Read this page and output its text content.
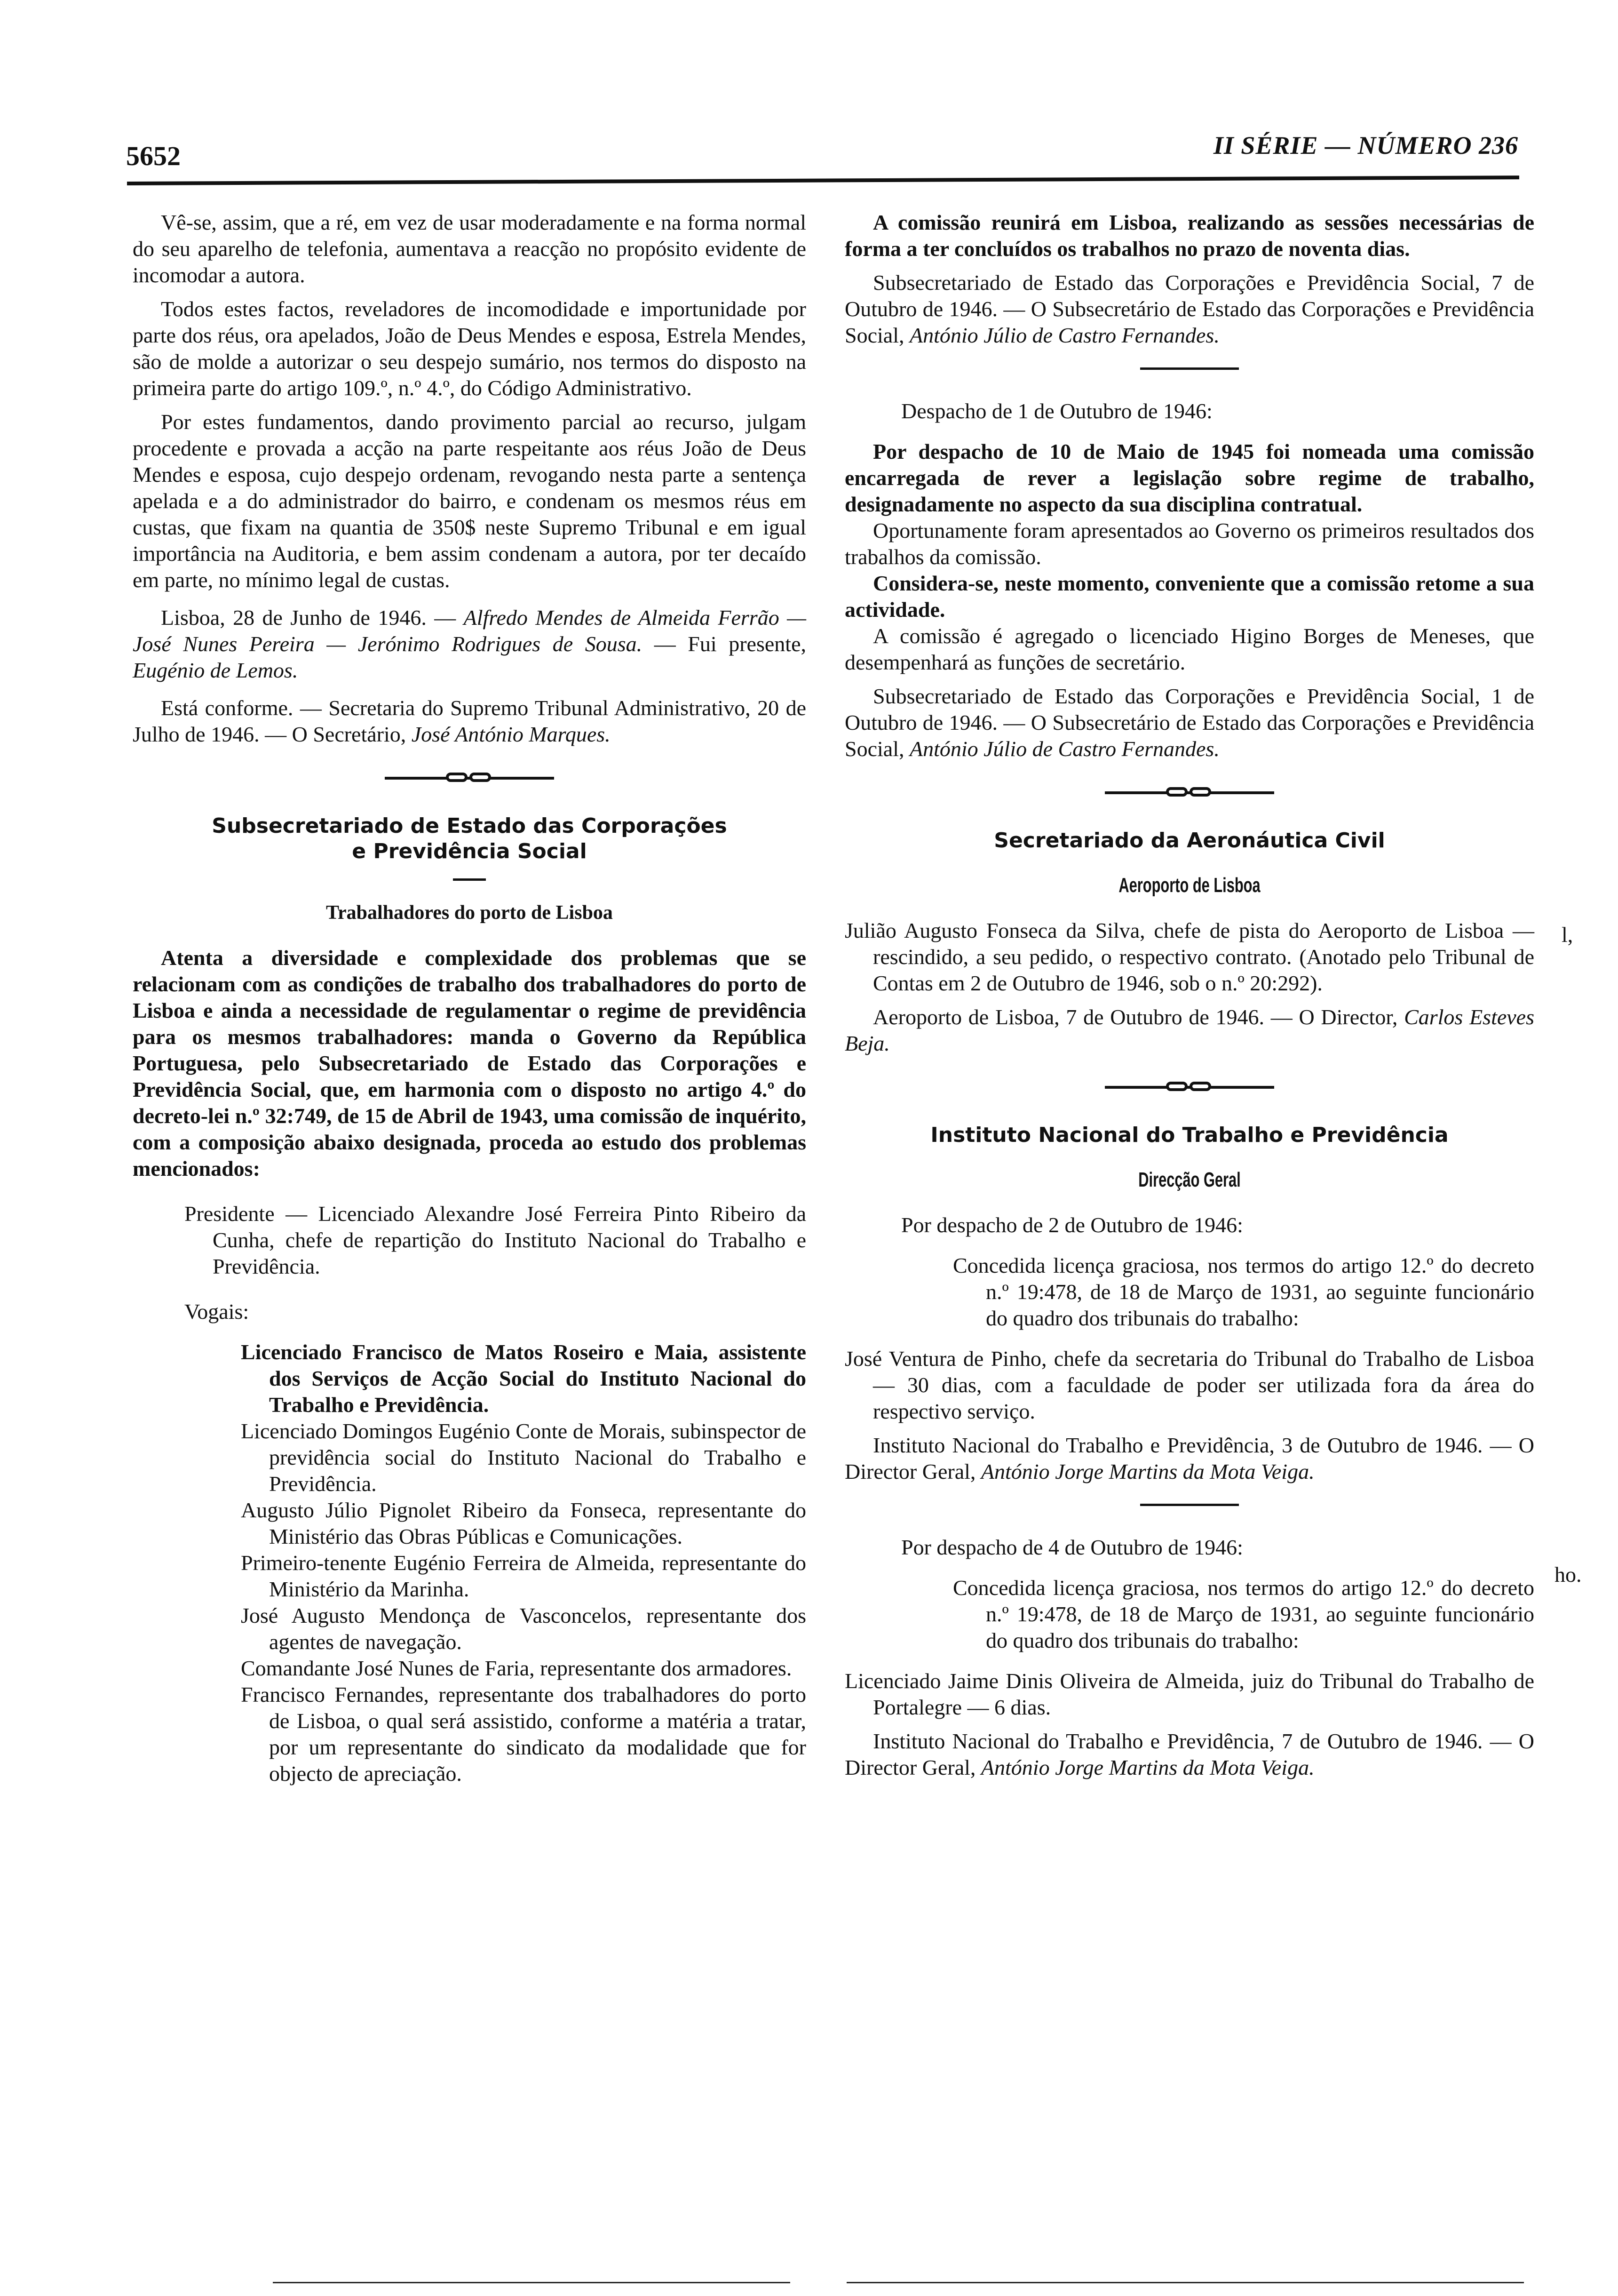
5652	II SÉRIE — NÚMERO 236

Vê-se, assim, que a ré, em vez de usar moderadamente e na forma normal do seu aparelho de telefonia, aumentava a reacção no propósito evidente de incomodar a autora.

Todos estes factos, reveladores de incomodidade e importunidade por parte dos réus, ora apelados, João de Deus Mendes e esposa, Estrela Mendes, são de molde a autorizar o seu despejo sumário, nos termos do disposto na primeira parte do artigo 109.º, n.º 4.º, do Código Administrativo.

Por estes fundamentos, dando provimento parcial ao recurso, julgam procedente e provada a acção na parte respeitante aos réus João de Deus Mendes e esposa, cujo despejo ordenam, revogando nesta parte a sentença apelada e a do administrador do bairro, e condenam os mesmos réus em custas, que fixam na quantia de 350$ neste Supremo Tribunal e em igual importância na Auditoria, e bem assim condenam a autora, por ter decaído em parte, no mínimo legal de custas.

Lisboa, 28 de Junho de 1946. — Alfredo Mendes de Almeida Ferrão — José Nunes Pereira — Jerónimo Rodrigues de Sousa. — Fui presente, Eugénio de Lemos.

Está conforme. — Secretaria do Supremo Tribunal Administrativo, 20 de Julho de 1946. — O Secretário, José António Marques.

Subsecretariado de Estado das Corporações

e Previdência Social

Trabalhadores do porto de Lisboa

Atenta a diversidade e complexidade dos problemas que se relacionam com as condições de trabalho dos trabalhadores do porto de Lisboa e ainda a necessidade de regulamentar o regime de previdência para os mesmos trabalhadores: manda o Governo da República Portuguesa, pelo Subsecretariado de Estado das Corporações e Previdência Social, que, em harmonia com o disposto no artigo 4.º do decreto-lei n.º 32:749, de 15 de Abril de 1943, uma comissão de inquérito, com a composição abaixo designada, proceda ao estudo dos problemas mencionados:

Presidente — Licenciado Alexandre José Ferreira Pinto Ribeiro da Cunha, chefe de repartição do Instituto Nacional do Trabalho e Previdência.

Vogais:

Licenciado Francisco de Matos Roseiro e Maia, assistente dos Serviços de Acção Social do Instituto Nacional do Trabalho e Previdência.

Licenciado Domingos Eugénio Conte de Morais, subinspector de previdência social do Instituto Nacional do Trabalho e Previdência.

Augusto Júlio Pignolet Ribeiro da Fonseca, representante do Ministério das Obras Públicas e Comunicações.

Primeiro-tenente Eugénio Ferreira de Almeida, representante do Ministério da Marinha.

José Augusto Mendonça de Vasconcelos, representante dos agentes de navegação.

Comandante José Nunes de Faria, representante dos armadores.

Francisco Fernandes, representante dos trabalhadores do porto de Lisboa, o qual será assistido, conforme a matéria a tratar, por um representante do sindicato da modalidade que for objecto de apreciação.

A comissão reunirá em Lisboa, realizando as sessões necessárias de forma a ter concluídos os trabalhos no prazo de noventa dias.

Subsecretariado de Estado das Corporações e Previdência Social, 7 de Outubro de 1946. — O Subsecretário de Estado das Corporações e Previdência Social, António Júlio de Castro Fernandes.

Despacho de 1 de Outubro de 1946:

Por despacho de 10 de Maio de 1945 foi nomeada uma comissão encarregada de rever a legislação sobre regime de trabalho, designadamente no aspecto da sua disciplina contratual.

Oportunamente foram apresentados ao Governo os primeiros resultados dos trabalhos da comissão.

Considera-se, neste momento, conveniente que a comissão retome a sua actividade.

A comissão é agregado o licenciado Higino Borges de Meneses, que desempenhará as funções de secretário.

Subsecretariado de Estado das Corporações e Previdência Social, 1 de Outubro de 1946. — O Subsecretário de Estado das Corporações e Previdência Social, António Júlio de Castro Fernandes.

Secretariado da Aeronáutica Civil

Aeroporto de Lisboa

Julião Augusto Fonseca da Silva, chefe de pista do Aeroporto de Lisboa — rescindido, a seu pedido, o respectivo contrato. (Anotado pelo Tribunal de Contas em 2 de Outubro de 1946, sob o n.º 20:292).

Aeroporto de Lisboa, 7 de Outubro de 1946. — O Director, Carlos Esteves Beja.

Instituto Nacional do Trabalho e Previdência

Direcção Geral

Por despacho de 2 de Outubro de 1946:

Concedida licença graciosa, nos termos do artigo 12.º do decreto n.º 19:478, de 18 de Março de 1931, ao seguinte funcionário do quadro dos tribunais do trabalho:

José Ventura de Pinho, chefe da secretaria do Tribunal do Trabalho de Lisboa — 30 dias, com a faculdade de poder ser utilizada fora da área do respectivo serviço.

Instituto Nacional do Trabalho e Previdência, 3 de Outubro de 1946. — O Director Geral, António Jorge Martins da Mota Veiga.

Por despacho de 4 de Outubro de 1946:

Concedida licença graciosa, nos termos do artigo 12.º do decreto n.º 19:478, de 18 de Março de 1931, ao seguinte funcionário do quadro dos tribunais do trabalho:

Licenciado Jaime Dinis Oliveira de Almeida, juiz do Tribunal do Trabalho de Portalegre — 6 dias.

Instituto Nacional do Trabalho e Previdência, 7 de Outubro de 1946. — O Director Geral, António Jorge Martins da Mota Veiga.

l,
ho.
